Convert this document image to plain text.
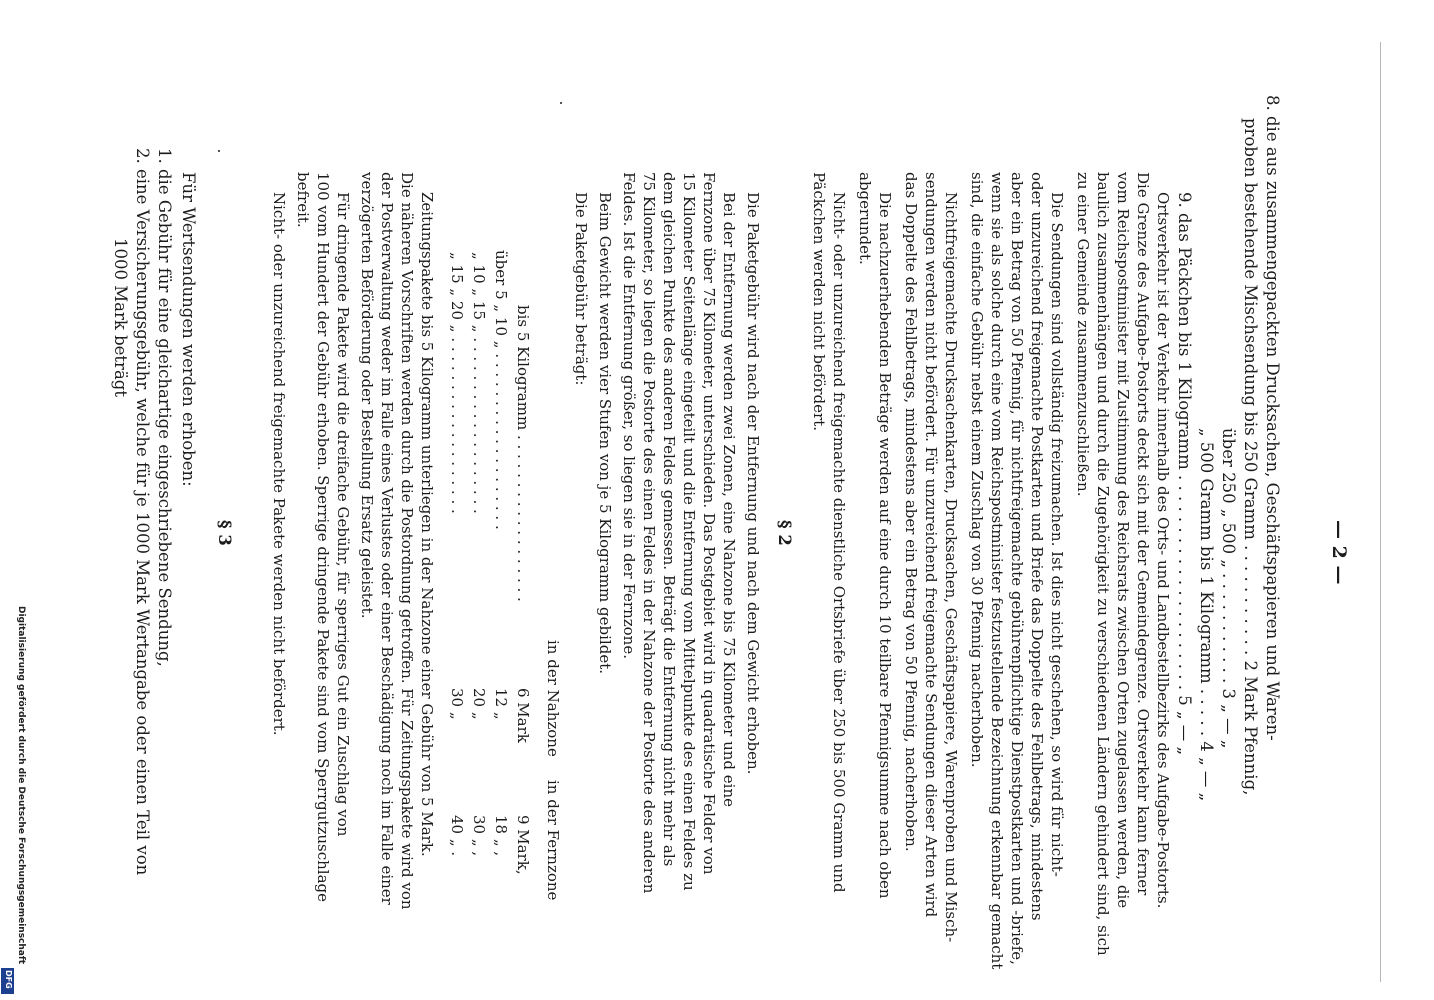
— 2 —
8. die aus zusammengepackten Drucksachen, Geschäftspapieren und Waren-
proben bestehende Mischsendung bis 250 Gramm . . . . . . . . . . . 2 Mark Pfennig,
über 250 „ 500 „ . . . . . . . . . . . 3 „ — „
„ 500 Gramm bis 1 Kilogramm . . . . . 4 „ — „
9. das Päckchen bis 1 Kilogramm . . . . . . . . . . . . . . . . . . . . . 5 „ — „
Ortsverkehr ist der Verkehr innerhalb des Orts- und Landbestellbezirks des Aufgabe-Postorts.
Die Grenze des Aufgabe-Postorts deckt sich mit der Gemeindegrenze. Ortsverkehr kann ferner
vom Reichspostminister mit Zustimmung des Reichsrats zwischen Orten zugelassen werden, die
baulich zusammenhängen und durch die Zugehörigkeit zu verschiedenen Ländern gehindert sind, sich
zu einer Gemeinde zusammenzuschließen.
Die Sendungen sind vollständig freizumachen. Ist dies nicht geschehen, so wird für nicht-
oder unzureichend freigemachte Postkarten und Briefe das Doppelte des Fehlbetrags, mindestens
aber ein Betrag von 50 Pfennig, für nichtfreigemachte gebührenpflichtige Dienstpostkarten und -briefe,
wenn sie als solche durch eine vom Reichspostminister festzustellende Bezeichnung erkennbar gemacht
sind, die einfache Gebühr nebst einem Zuschlag von 30 Pfennig nacherhoben.
Nichtfreigemachte Drucksachenkarten, Drucksachen, Geschäftspapiere, Warenproben und Misch-
sendungen werden nicht befördert. Für unzureichend freigemachte Sendungen dieser Arten wird
das Doppelte des Fehlbetrags, mindestens aber ein Betrag von 50 Pfennig, nacherhoben.
Die nachzuerhebenden Beträge werden auf eine durch 10 teilbare Pfennigsumme nach oben
abgerundet.
Nicht- oder unzureichend freigemachte dienstliche Ortsbriefe über 250 bis 500 Gramm und
Päckchen werden nicht befördert.
§ 2
Die Paketgebühr wird nach der Entfernung und nach dem Gewicht erhoben.
Bei der Entfernung werden zwei Zonen, eine Nahzone bis 75 Kilometer und eine
Fernzone über 75 Kilometer, unterschieden. Das Postgebiet wird in quadratische Felder von
15 Kilometer Seitenlänge eingeteilt und die Entfernung vom Mittelpunkte des einen Feldes zu
dem gleichen Punkte des anderen Feldes gemessen. Beträgt die Entfernung nicht mehr als
75 Kilometer, so liegen die Postorte des einen Feldes in der Nahzone der Postorte des anderen
Feldes. Ist die Entfernung größer, so liegen sie in der Fernzone.
Beim Gewicht werden vier Stufen von je 5 Kilogramm gebildet.
Die Paketgebühr beträgt:
in der Nahzone
in der Fernzone
bis 5 Kilogramm . . . . . . . . . . . . . . . . . .
6 Mark
9 Mark,
über 5 „ 10 „ . . . . . . . . . . . . . . . . . . .
12 „
18 „ ,
„ 10 „ 15 „ . . . . . . . . . . . . . . . . . . .
20 „
30 „ ,
„ 15 „ 20 „ . . . . . . . . . . . . . . . . . . .
30 „
40 „ .
Zeitungspakete bis 5 Kilogramm unterliegen in der Nahzone einer Gebühr von 5 Mark.
Die näheren Vorschriften werden durch die Postordnung getroffen. Für Zeitungspakete wird von
der Postverwaltung weder im Falle eines Verlustes oder einer Beschädigung noch im Falle einer
verzögerten Beförderung oder Bestellung Ersatz geleistet.
Für dringende Pakete wird die dreifache Gebühr, für sperriges Gut ein Zuschlag von
100 vom Hundert der Gebühr erhoben. Sperrige dringende Pakete sind vom Sperrgutzuschlage
befreit.
Nicht- oder unzureichend freigemachte Pakete werden nicht befördert.
§ 3
Für Wertsendungen werden erhoben:
1. die Gebühr für eine gleichartige eingeschriebene Sendung,
2. eine Versicherungsgebühr, welche für je 1000 Mark Wertangabe oder einen Teil von
1000 Mark beträgt
Digitalisierung gefördert durch die Deutsche Forschungsgemeinschaft
DFG
